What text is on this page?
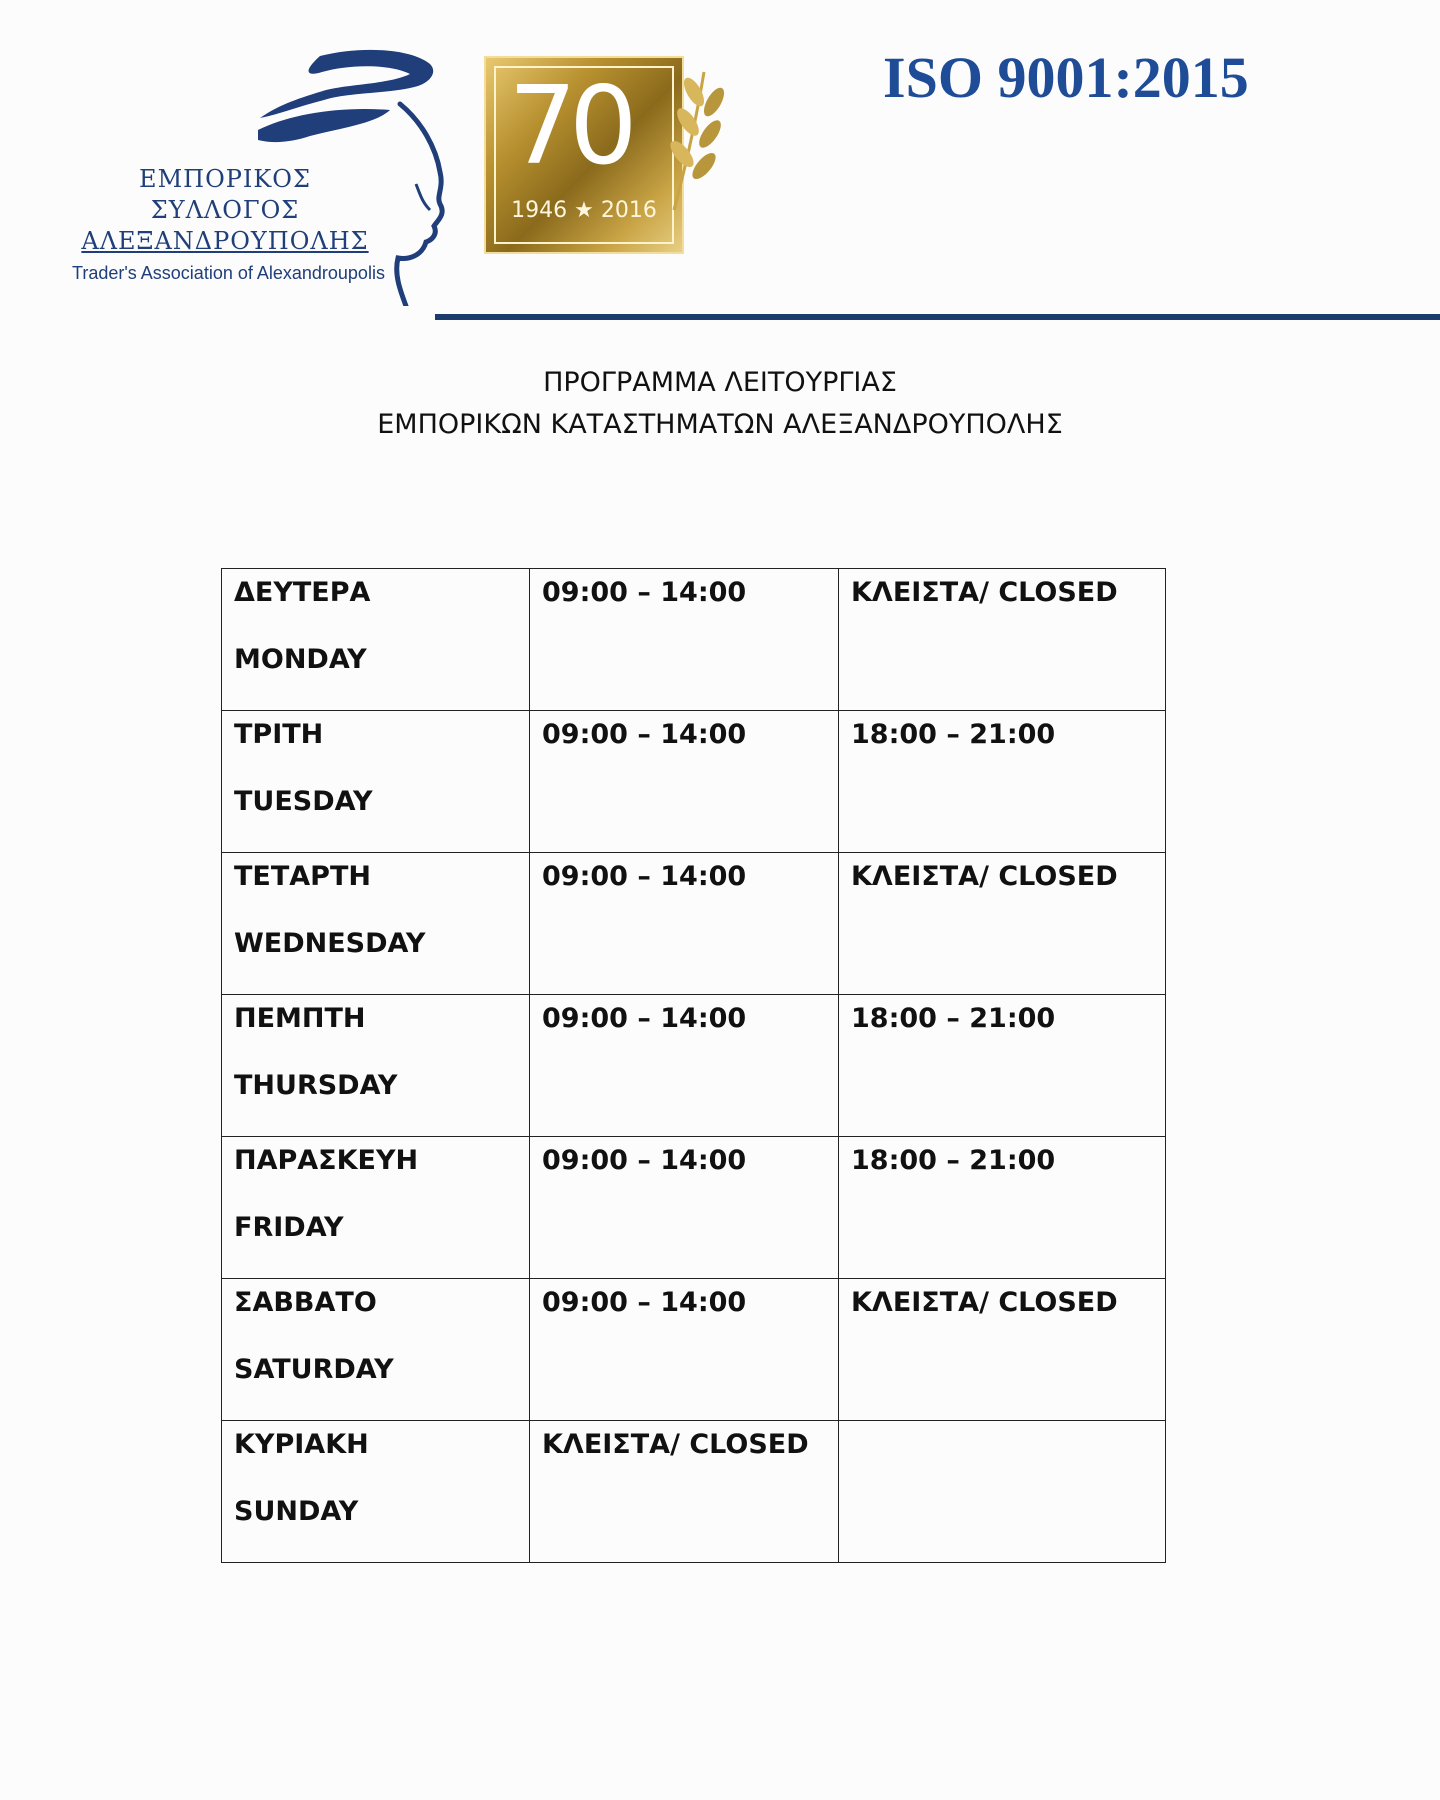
ΕΜΠΟΡΙΚΟΣ
ΣΥΛΛΟΓΟΣ
ΑΛΕΞΑΝΔΡΟΥΠΟΛΗΣ
Trader's Association of Alexandroupolis
70
1946 ★ 2016
ISO 9001:2015
ΠΡΟΓΡΑΜΜΑ ΛΕΙΤΟΥΡΓΙΑΣ
ΕΜΠΟΡΙΚΩΝ ΚΑΤΑΣΤΗΜΑΤΩΝ ΑΛΕΞΑΝΔΡΟΥΠΟΛΗΣ
ΔΕΥΤΕΡΑ
MONDAY	09:00 – 14:00	ΚΛΕΙΣΤΑ/ CLOSED
ΤΡΙΤΗ
TUESDAY	09:00 – 14:00	18:00 – 21:00
ΤΕΤΑΡΤΗ
WEDNESDAY	09:00 – 14:00	ΚΛΕΙΣΤΑ/ CLOSED
ΠΕΜΠΤΗ
THURSDAY	09:00 – 14:00	18:00 – 21:00
ΠΑΡΑΣΚΕΥΗ
FRIDAY	09:00 – 14:00	18:00 – 21:00
ΣΑΒΒΑΤΟ
SATURDAY	09:00 – 14:00	ΚΛΕΙΣΤΑ/ CLOSED
ΚΥΡΙΑΚΗ
SUNDAY	ΚΛΕΙΣΤΑ/ CLOSED	
